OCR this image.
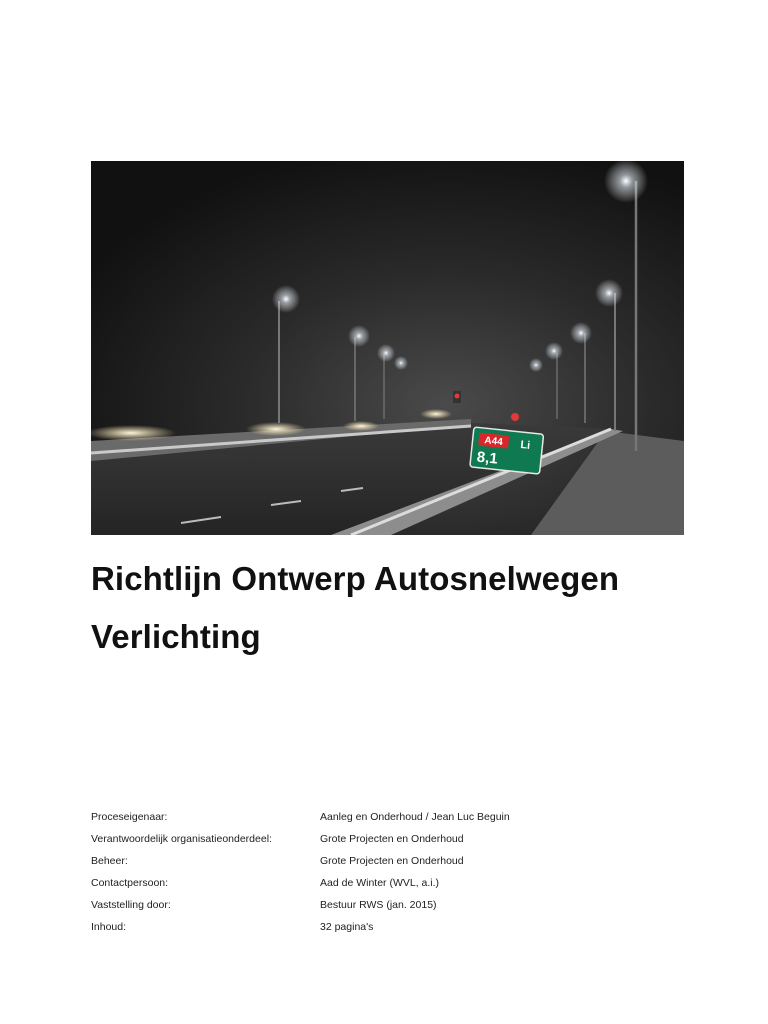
A44 Li
8,1
Richtlijn Ontwerp Autosnelwegen
Verlichting
Proceseigenaar:	Aanleg en Onderhoud / Jean Luc Beguin
Verantwoordelijk organisatieonderdeel:	Grote Projecten en Onderhoud
Beheer:	Grote Projecten en Onderhoud
Contactpersoon:	Aad de Winter (WVL, a.i.)
Vaststelling door:	Bestuur RWS (jan. 2015)
Inhoud:	32 pagina's
